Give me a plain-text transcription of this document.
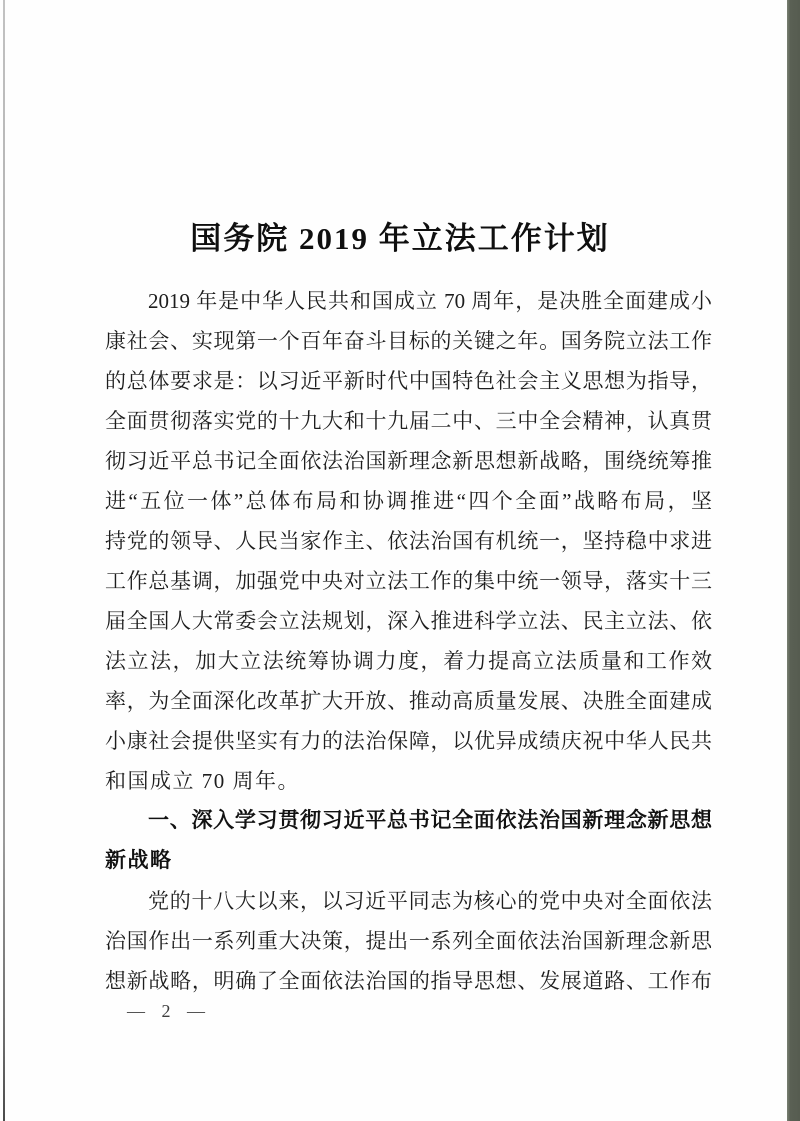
国务院 2019 年立法工作计划
2019 年是中华人民共和国成立 70 周年，是决胜全面建成小
康社会、实现第一个百年奋斗目标的关键之年。国务院立法工作
的总体要求是：以习近平新时代中国特色社会主义思想为指导，
全面贯彻落实党的十九大和十九届二中、三中全会精神，认真贯
彻习近平总书记全面依法治国新理念新思想新战略，围绕统筹推
进“五位一体”总体布局和协调推进“四个全面”战略布局，坚
持党的领导、人民当家作主、依法治国有机统一，坚持稳中求进
工作总基调，加强党中央对立法工作的集中统一领导，落实十三
届全国人大常委会立法规划，深入推进科学立法、民主立法、依
法立法，加大立法统筹协调力度，着力提高立法质量和工作效
率，为全面深化改革扩大开放、推动高质量发展、决胜全面建成
小康社会提供坚实有力的法治保障，以优异成绩庆祝中华人民共
和国成立 70 周年。
一、深入学习贯彻习近平总书记全面依法治国新理念新思想
新战略
党的十八大以来，以习近平同志为核心的党中央对全面依法
治国作出一系列重大决策，提出一系列全面依法治国新理念新思
想新战略，明确了全面依法治国的指导思想、发展道路、工作布
— 2 —
